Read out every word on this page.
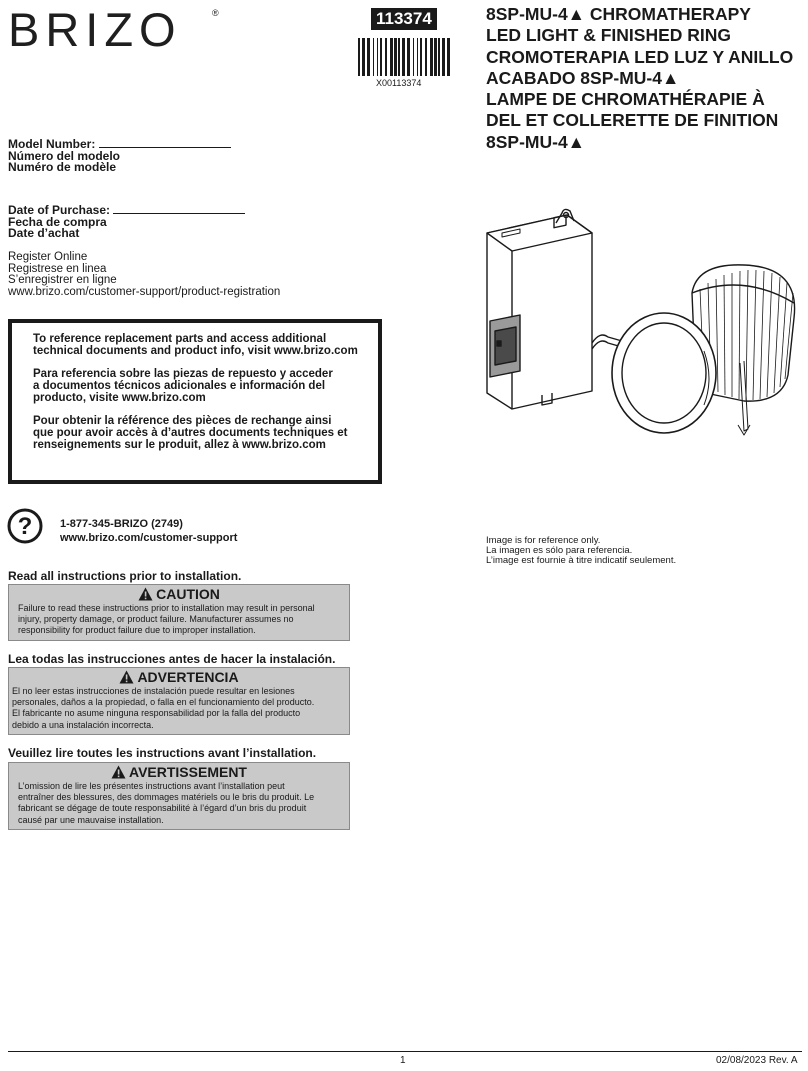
BRIZO	®	113374
X00113374
8SP-MU-4▲ CHROMATHERAPY
LED LIGHT & FINISHED RING
CROMOTERAPIA LED LUZ Y ANILLO
ACABADO 8SP-MU-4▲
LAMPE DE CHROMATHÉRAPIE À
DEL ET COLLERETTE DE FINITION
8SP-MU-4▲
Model Number:
Número del modelo
Numéro de modèle
Date of Purchase:
Fecha de compra
Date d’achat
Register Online
Registrese en linea
S’enregistrer en ligne
www.brizo.com/customer-support/product-registration

To reference replacement parts and access additional
technical documents and product info, visit www.brizo.com

Para referencia sobre las piezas de repuesto y acceder
a documentos técnicos adicionales e información del
producto, visite www.brizo.com

Pour obtenir la référence des pièces de rechange ainsi
que pour avoir accès à d’autres documents techniques et
renseignements sur le produit, allez à www.brizo.com

?	1-877-345-BRIZO (2749)
www.brizo.com/customer-support
Read all instructions prior to installation.
CAUTION
Failure to read these instructions prior to installation may result in personal
injury, property damage, or product failure. Manufacturer assumes no
responsibility for product failure due to improper installation.
Lea todas las instrucciones antes de hacer la instalación.
ADVERTENCIA
El no leer estas instrucciones de instalación puede resultar en lesiones
personales, daños a la propiedad, o falla en el funcionamiento del producto.
El fabricante no asume ninguna responsabilidad por la falla del producto
debido a una instalación incorrecta.
Veuillez lire toutes les instructions avant l’installation.
AVERTISSEMENT
L’omission de lire les présentes instructions avant l’installation peut
entraîner des blessures, des dommages matériels ou le bris du produit. Le
fabricant se dégage de toute responsabilité à l’égard d’un bris du produit
causé par une mauvaise installation.
Image is for reference only.
La imagen es sólo para referencia.
L’image est fournie à titre indicatif seulement.
1	02/08/2023 Rev. A
